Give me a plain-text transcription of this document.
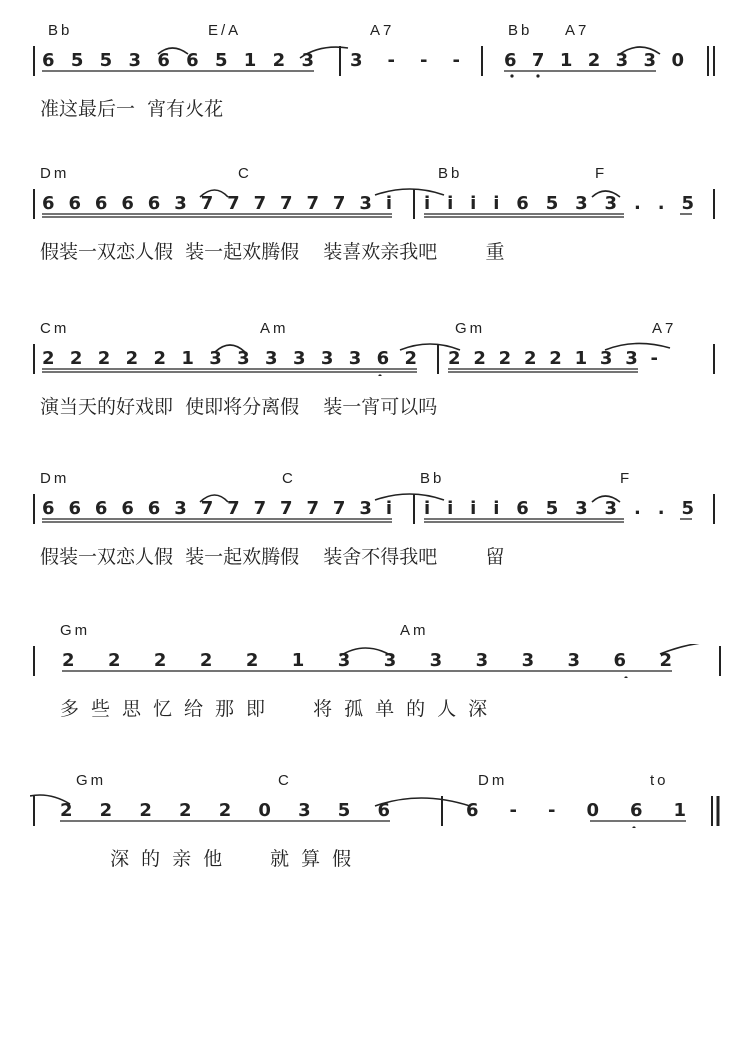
Bb	E/A	A7	Bb A7
6 5 5 3 6 6 5 1 2 3 3 - - - 6 7 1 2 3 3 0
准这最后一  宵有火花
Dm	C	Bb	F
6 6 6 6 6 3 7 7 7 7 7 7 3 i i i i i 6 5 3 3 . . 5
假装一双恋人假  装一起欢腾假    装喜欢亲我吧        重
Cm	Am	Gm	A7
2 2 2 2 2 1 3 3 3 3 3 3 6 2 2 2 2 2 2 1 3 3 -
演当天的好戏即  使即将分离假    装一宵可以吗
Dm	C	Bb	F
6 6 6 6 6 3 7 7 7 7 7 7 3 i i i i i 6 5 3 3 . . 5
假装一双恋人假  装一起欢腾假    装舍不得我吧        留
Gm	Am
2 2 2 2 2 1 3 3 3 3 3 3 6 2
多些思忆给那即  将孤单的人深
Gm	C	Dm	to
2 2 2 2 2 0 3 5 6	6 - - 0 6 1
深的亲他  就算假
